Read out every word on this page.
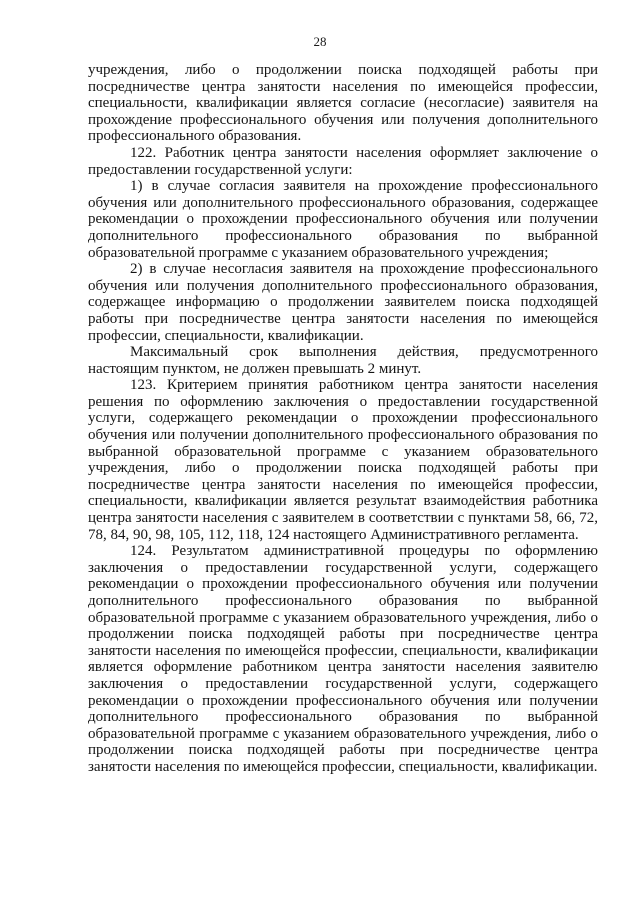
28

учреждения, либо о продолжении поиска подходящей работы при посредничестве центра занятости населения по имеющейся профессии, специальности, квалификации является согласие (несогласие) заявителя на прохождение профессионального обучения или получения дополнительного профессионального образования.

122. Работник центра занятости населения оформляет заключение о предоставлении государственной услуги:

1) в случае согласия заявителя на прохождение профессионального обучения или дополнительного профессионального образования, содержащее рекомендации о прохождении профессионального обучения или получении дополнительного профессионального образования по выбранной образовательной программе с указанием образовательного учреждения;

2) в случае несогласия заявителя на прохождение профессионального обучения или получения дополнительного профессионального образования, содержащее информацию о продолжении заявителем поиска подходящей работы при посредничестве центра занятости населения по имеющейся профессии, специальности, квалификации.

Максимальный срок выполнения действия, предусмотренного настоящим пунктом, не должен превышать 2 минут.

123. Критерием принятия работником центра занятости населения решения по оформлению заключения о предоставлении государственной услуги, содержащего рекомендации о прохождении профессионального обучения или получении дополнительного профессионального образования по выбранной образовательной программе с указанием образовательного учреждения, либо о продолжении поиска подходящей работы при посредничестве центра занятости населения по имеющейся профессии, специальности, квалификации является результат взаимодействия работника центра занятости населения с заявителем в соответствии с пунктами 58, 66, 72, 78, 84, 90, 98, 105, 112, 118, 124 настоящего Административного регламента.

124. Результатом административной процедуры по оформлению заключения о предоставлении государственной услуги, содержащего рекомендации о прохождении профессионального обучения или получении дополнительного профессионального образования по выбранной образовательной программе с указанием образовательного учреждения, либо о продолжении поиска подходящей работы при посредничестве центра занятости населения по имеющейся профессии, специальности, квалификации является оформление работником центра занятости населения заявителю заключения о предоставлении государственной услуги, содержащего рекомендации о прохождении профессионального обучения или получении дополнительного профессионального образования по выбранной образовательной программе с указанием образовательного учреждения, либо о продолжении поиска подходящей работы при посредничестве центра занятости населения по имеющейся профессии, специальности, квалификации.
